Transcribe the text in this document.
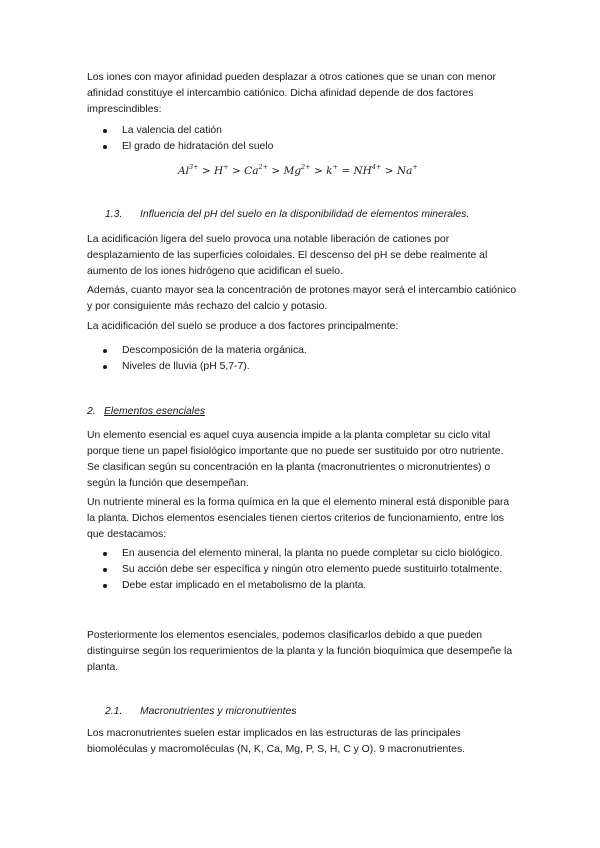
Los iones con mayor afinidad pueden desplazar a otros cationes que se unan con menor afinidad constituye el intercambio catiónico. Dicha afinidad depende de dos factores imprescindibles:

La valencia del catión
El grado de hidratación del suelo
$Al^{3+} > H^+ > Ca^{2+} > Mg^{2+} > k^+ = NH^{4+} > Na^+$
1.3. Influencia del pH del suelo en la disponibilidad de elementos minerales.

La acidificación ligera del suelo provoca una notable liberación de cationes por desplazamiento de las superficies coloidales. El descenso del pH se debe realmente al aumento de los iones hidrógeno que acidifican el suelo.

Además, cuanto mayor sea la concentración de protones mayor será el intercambio catiónico y por consiguiente más rechazo del calcio y potasio.

La acidificación del suelo se produce a dos factores principalmente:

Descomposición de la materia orgánica.
Niveles de lluvia (pH 5,7-7).
2. Elementos esenciales

Un elemento esencial es aquel cuya ausencia impide a la planta completar su ciclo vital porque tiene un papel fisiológico importante que no puede ser sustituido por otro nutriente. Se clasifican según su concentración en la planta (macronutrientes o micronutrientes) o según la función que desempeñan.

Un nutriente mineral es la forma química en la que el elemento mineral está disponible para la planta. Dichos elementos esenciales tienen ciertos criterios de funcionamiento, entre los que destacamos:

En ausencia del elemento mineral, la planta no puede completar su ciclo biológico.
Su acción debe ser específica y ningún otro elemento puede sustituirlo totalmente.
Debe estar implicado en el metabolismo de la planta.

Posteriormente los elementos esenciales, podemos clasificarlos debido a que pueden distinguirse según los requerimientos de la planta y la función bioquímica que desempeñe la planta.

2.1. Macronutrientes y micronutrientes

Los macronutrientes suelen estar implicados en las estructuras de las principales biomoléculas y macromoléculas (N, K, Ca, Mg, P, S, H, C y O). 9 macronutrientes.
